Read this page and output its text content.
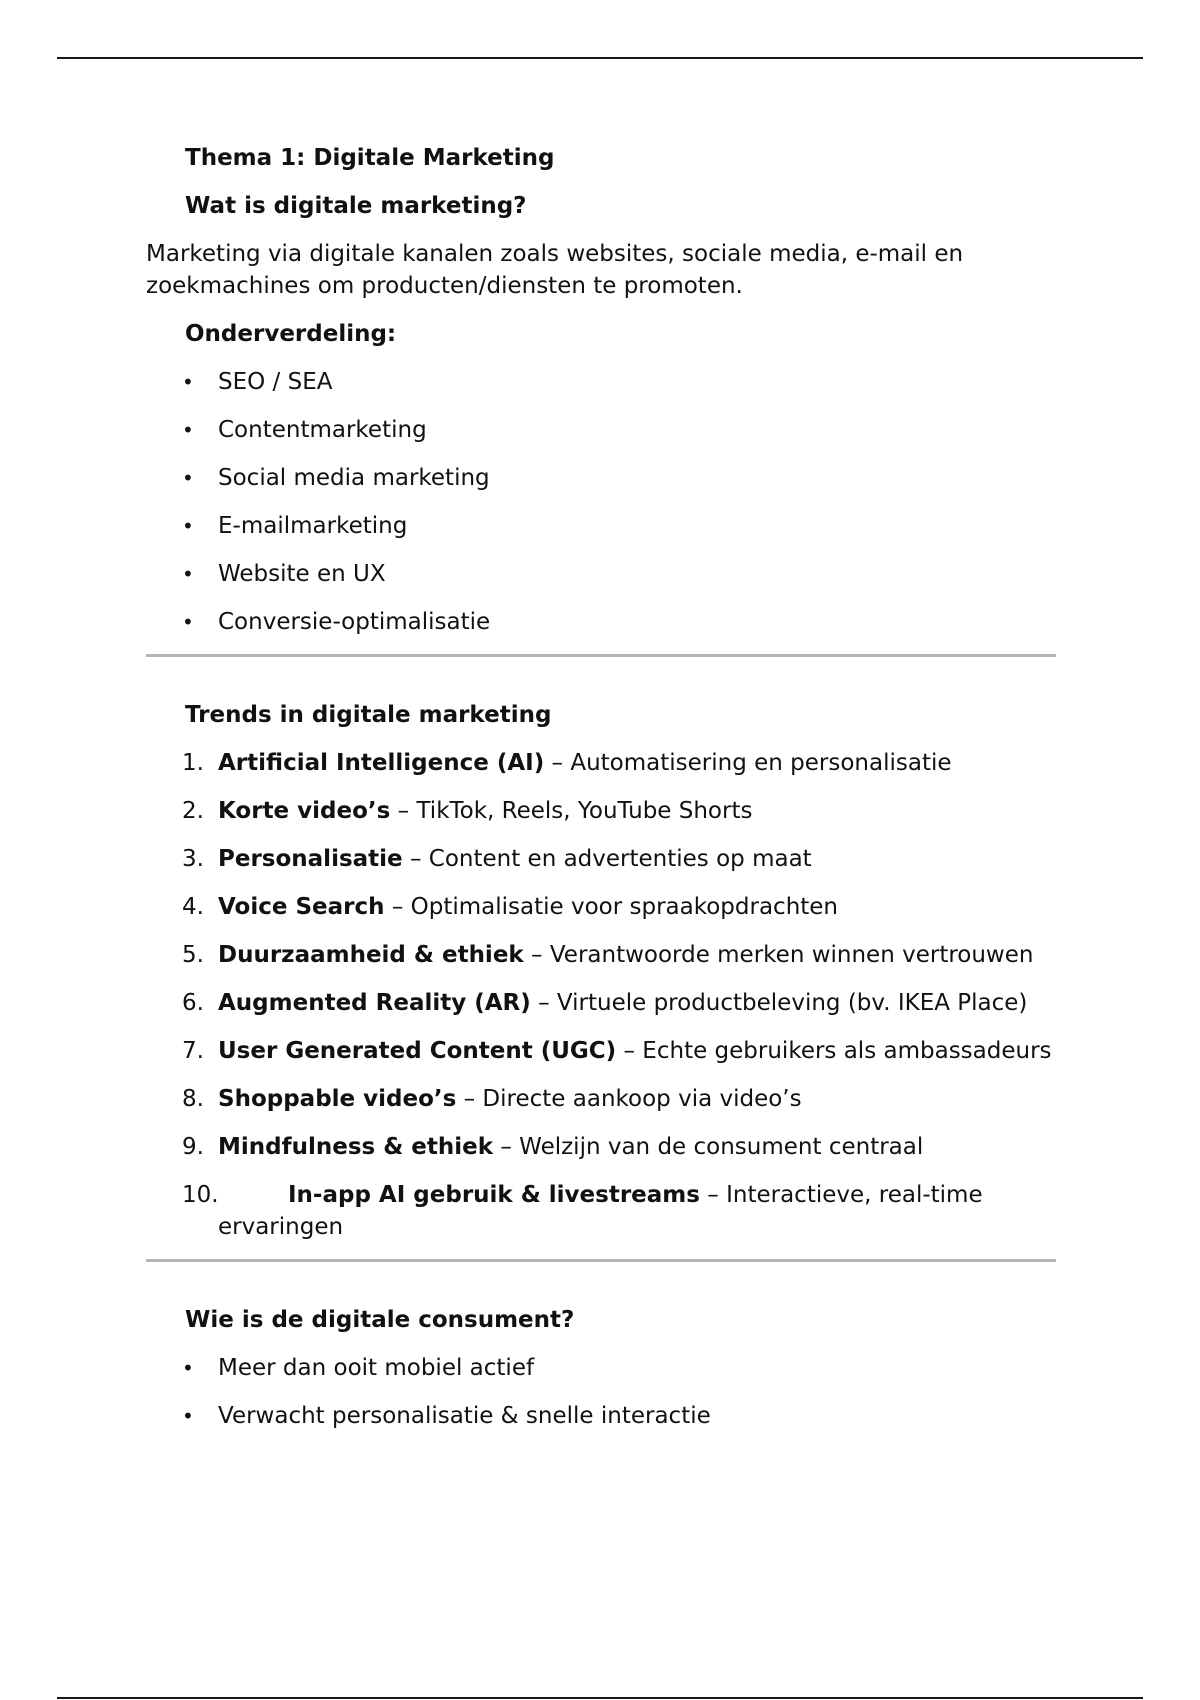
Thema 1: Digitale Marketing
Wat is digitale marketing?
Marketing via digitale kanalen zoals websites, sociale media, e-mail en zoekmachines om producten/diensten te promoten.
Onderverdeling:
• SEO / SEA
• Contentmarketing
• Social media marketing
• E-mailmarketing
• Website en UX
• Conversie-optimalisatie
Trends in digitale marketing
1. Artificial Intelligence (AI) – Automatisering en personalisatie
2. Korte video’s – TikTok, Reels, YouTube Shorts
3. Personalisatie – Content en advertenties op maat
4. Voice Search – Optimalisatie voor spraakopdrachten
5. Duurzaamheid & ethiek – Verantwoorde merken winnen vertrouwen
6. Augmented Reality (AR) – Virtuele productbeleving (bv. IKEA Place)
7. User Generated Content (UGC) – Echte gebruikers als ambassadeurs
8. Shoppable video’s – Directe aankoop via video’s
9. Mindfulness & ethiek – Welzijn van de consument centraal
10.	In-app AI gebruik & livestreams – Interactieve, real-time ervaringen
Wie is de digitale consument?
• Meer dan ooit mobiel actief
• Verwacht personalisatie & snelle interactie
